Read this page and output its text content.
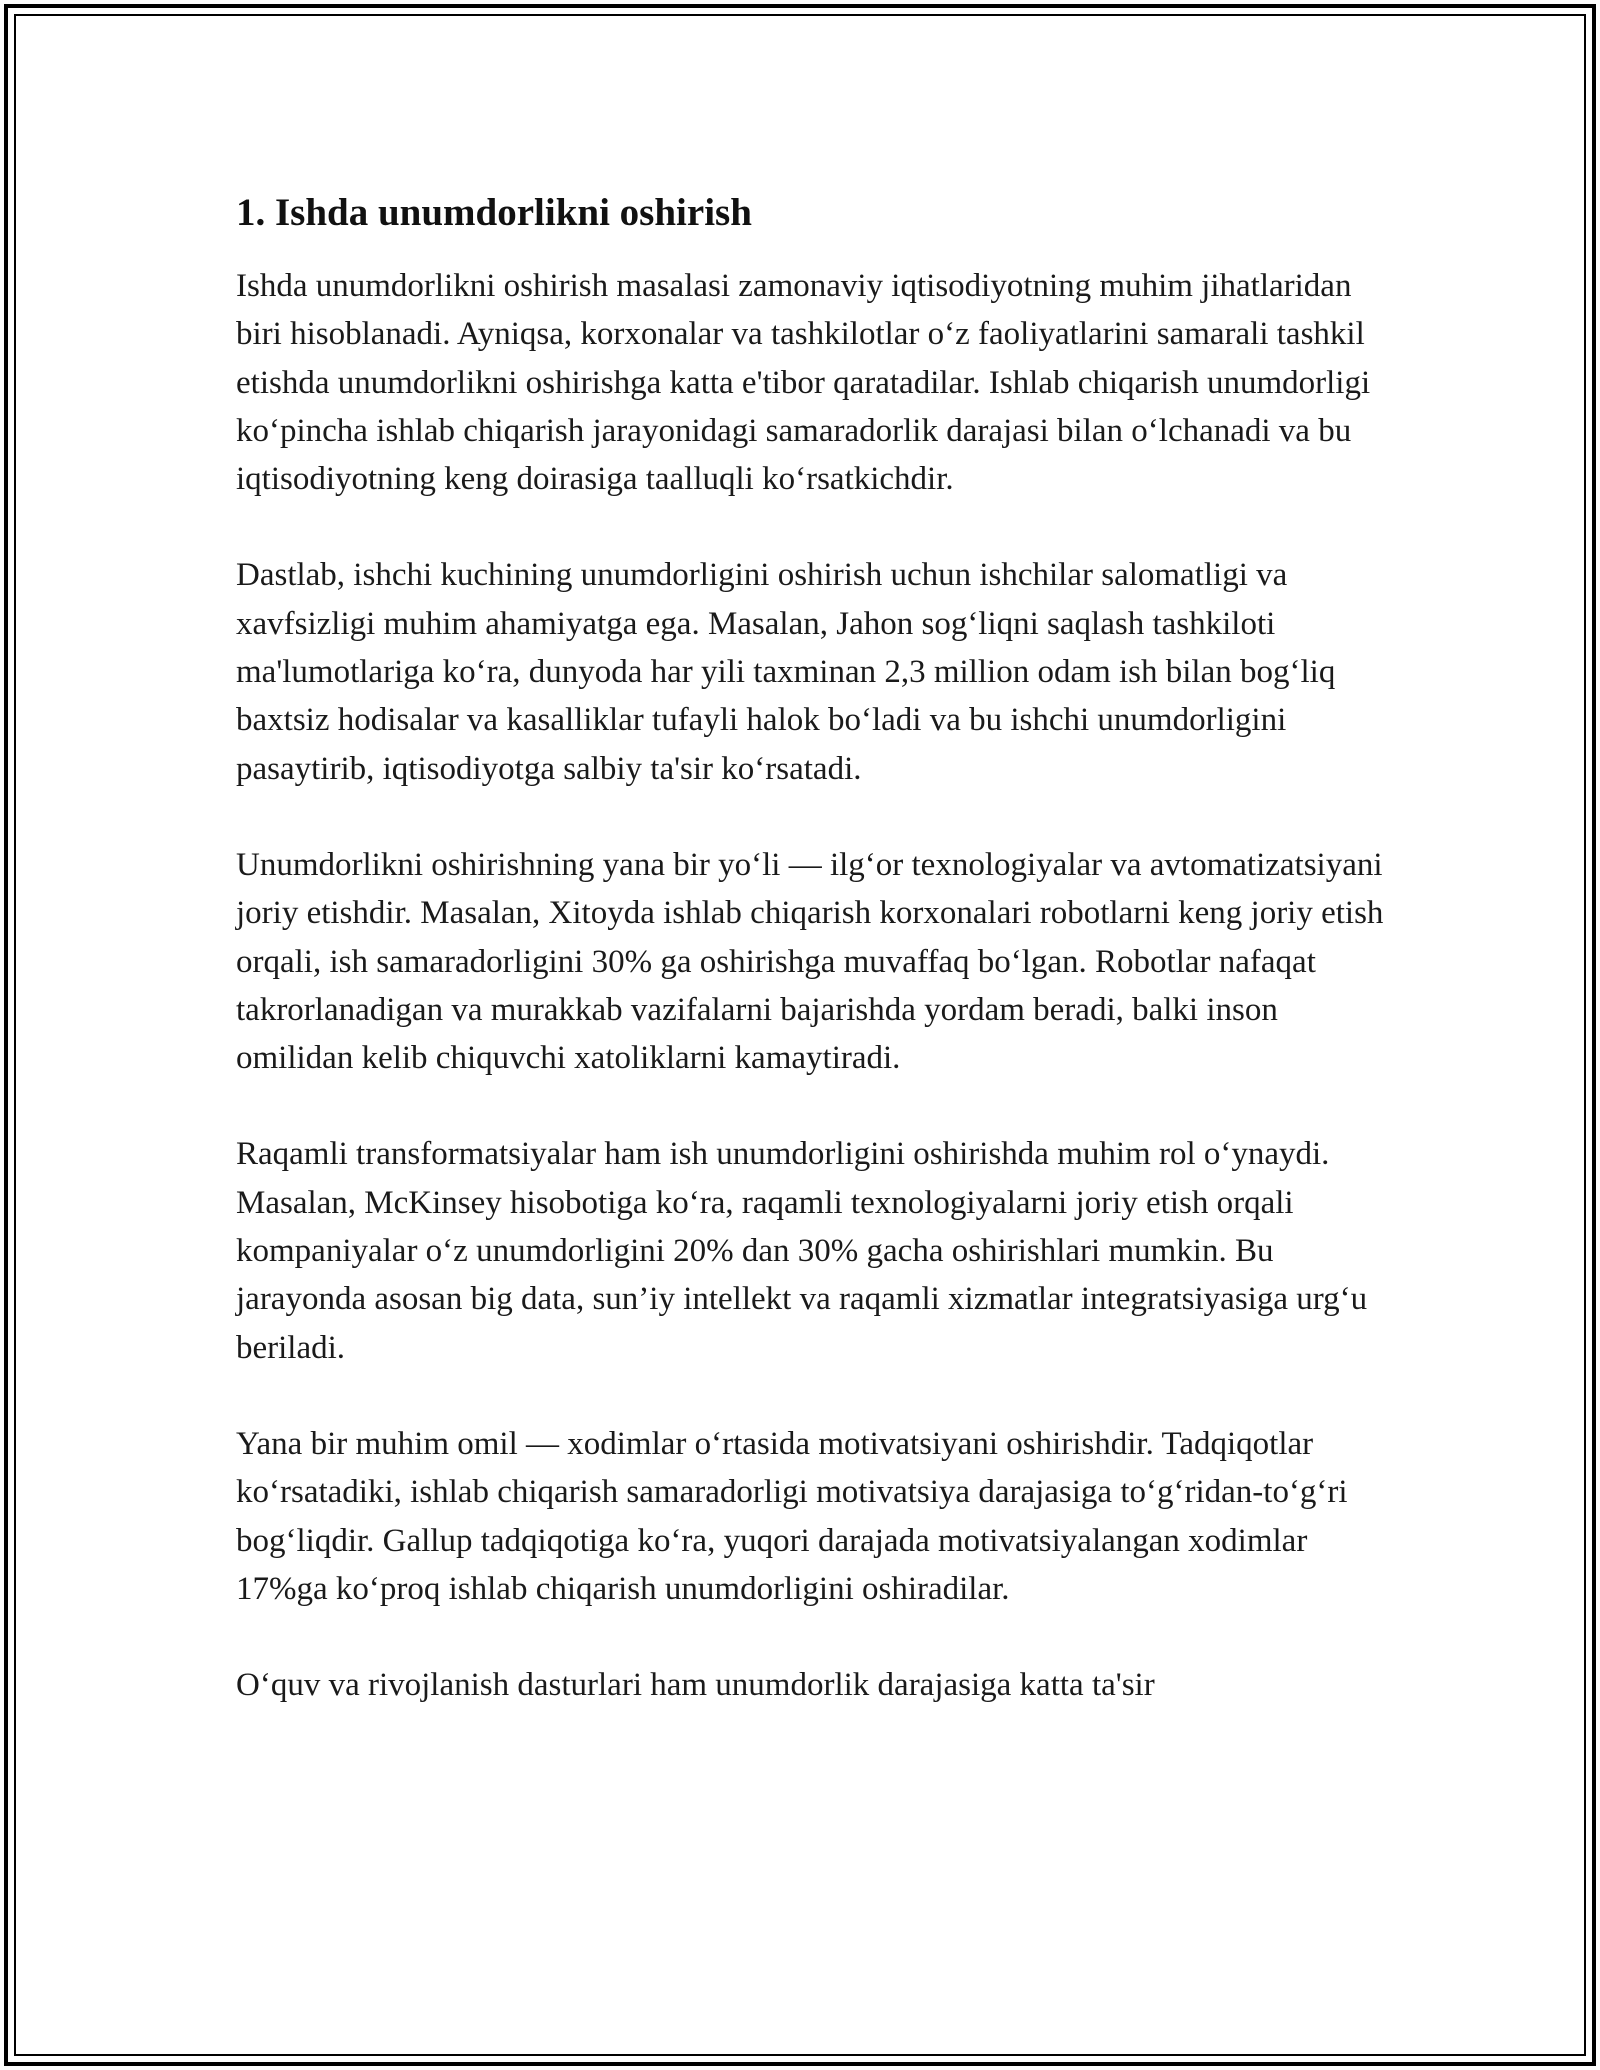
1. Ishda unumdorlikni oshirish

Ishda unumdorlikni oshirish masalasi zamonaviy iqtisodiyotning muhim jihatlaridan biri hisoblanadi. Ayniqsa, korxonalar va tashkilotlar o‘z faoliyatlarini samarali tashkil etishda unumdorlikni oshirishga katta e'tibor qaratadilar. Ishlab chiqarish unumdorligi ko‘pincha ishlab chiqarish jarayonidagi samaradorlik darajasi bilan o‘lchanadi va bu iqtisodiyotning keng doirasiga taalluqli ko‘rsatkichdir.

Dastlab, ishchi kuchining unumdorligini oshirish uchun ishchilar salomatligi va xavfsizligi muhim ahamiyatga ega. Masalan, Jahon sog‘liqni saqlash tashkiloti ma'lumotlariga ko‘ra, dunyoda har yili taxminan 2,3 million odam ish bilan bog‘liq baxtsiz hodisalar va kasalliklar tufayli halok bo‘ladi va bu ishchi unumdorligini pasaytirib, iqtisodiyotga salbiy ta'sir ko‘rsatadi.

Unumdorlikni oshirishning yana bir yo‘li — ilg‘or texnologiyalar va avtomatizatsiyani joriy etishdir. Masalan, Xitoyda ishlab chiqarish korxonalari robotlarni keng joriy etish orqali, ish samaradorligini 30% ga oshirishga muvaffaq bo‘lgan. Robotlar nafaqat takrorlanadigan va murakkab vazifalarni bajarishda yordam beradi, balki inson omilidan kelib chiquvchi xatoliklarni kamaytiradi.

Raqamli transformatsiyalar ham ish unumdorligini oshirishda muhim rol o‘ynaydi. Masalan, McKinsey hisobotiga ko‘ra, raqamli texnologiyalarni joriy etish orqali kompaniyalar o‘z unumdorligini 20% dan 30% gacha oshirishlari mumkin. Bu jarayonda asosan big data, sun’iy intellekt va raqamli xizmatlar integratsiyasiga urg‘u beriladi.

Yana bir muhim omil — xodimlar o‘rtasida motivatsiyani oshirishdir. Tadqiqotlar ko‘rsatadiki, ishlab chiqarish samaradorligi motivatsiya darajasiga to‘g‘ridan-to‘g‘ri bog‘liqdir. Gallup tadqiqotiga ko‘ra, yuqori darajada motivatsiyalangan xodimlar 17%ga ko‘proq ishlab chiqarish unumdorligini oshiradilar.

O‘quv va rivojlanish dasturlari ham unumdorlik darajasiga katta ta'sir
